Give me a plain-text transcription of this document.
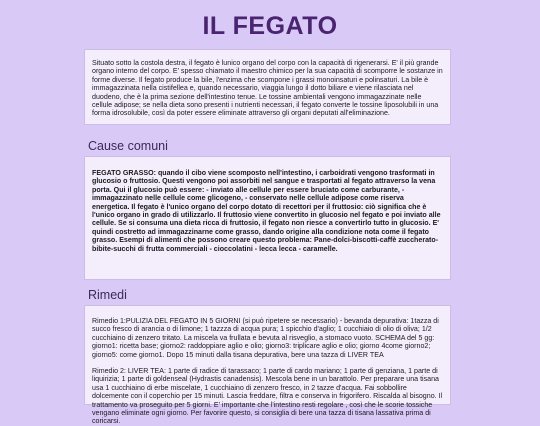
IL FEGATO

Situato sotto la costola destra, il fegato è lunico organo del corpo con la capacità di rigenerarsi. E' il più grande organo interno del corpo. E' spesso chiamato il maestro chimico per la sua capacità di scomporre le sostanze in forme diverse. Il fegato produce la bile, l'enzima che scompone i grassi monoinsaturi e polinsaturi. La bile è immagazzinata nella cistifellea e, quando necessario, viaggia lungo il dotto biliare e viene rilasciata nel duodeno, che è la prima sezione dell'intestino tenue. Le tossine ambientali vengono immagazzinate nelle cellule adipose; se nella dieta sono presenti i nutrienti necessari, il fegato converte le tossine liposolubili in una forma idrosolubile, così da poter essere eliminate attraverso gli organi deputati all'eliminazione.

Cause comuni

FEGATO GRASSO: quando il cibo viene scomposto nell'intestino, i carboidrati vengono trasformati in glucosio o fruttosio. Questi vengono poi assorbiti nel sangue e trasportati al fegato attraverso la vena porta. Qui il glucosio può essere: - inviato alle cellule per essere bruciato come carburante, - immagazzinato nelle cellule come glicogeno, - conservato nelle cellule adipose come riserva energetica. Il fegato è l'unico organo del corpo dotato di recettori per il fruttosio: ciò significa che è l'unico organo in grado di utilizzarlo. Il fruttosio viene convertito in glucosio nel fegato e poi inviato alle cellule. Se si consuma una dieta ricca di fruttosio, il fegato non riesce a convertirlo tutto in glucosio. E' quindi costretto ad immagazzinarne come grasso, dando origine alla condizione nota come il fegato grasso. Esempi di alimenti che possono creare questo problema: Pane-dolci-biscotti-caffè zuccherato-bibite-succhi di frutta commerciali - cioccolatini - lecca lecca - caramelle.

Rimedi

Rimedio 1:PULIZIA DEL FEGATO IN 5 GIORNI (si può ripetere se necessario) - bevanda depurativa: 1tazza di succo fresco di arancia o di limone; 1 tazzza di acqua pura; 1 spicchio d'aglio; 1 cucchiaio di olio di oliva; 1/2 cucchiaino di zenzero tritato. La miscela va frullata e bevuta al risveglio, a stomaco vuoto. SCHEMA del 5 gg: giorno1: ricetta base; giorno2: raddoppiare aglio e olio; giorno3: triplicare aglio e olio; giorno 4come giorno2; giorno5: come giorno1. Dopo 15 minuti dalla tisana depurativa, bere una tazza di LIVER TEA

Rimedio 2: LIVER TEA: 1 parte di radice di tarassaco; 1 parte di cardo mariano; 1 parte di genziana, 1 parte di liquirizia; 1 parte di goldenseal (Hydrastis canadensis). Mescola bene in un barattolo. Per preparare una tisana usa 1 cucchiaino di erbe miscelate, 1 cucchiaino di zenzero fresco, in 2 tazze d'acqua. Fai sobbollire dolcemente con il coperchio per 15 minuti. Lascia freddare, filtra e conserva in frigorifero. Riscalda al bisogno. Il trattamento va proseguito per 5 giorni. E' importante che l'intestino resti regolare , così che le scorie tossiche vengano eliminate ogni giorno. Per favorire questo, si consiglia di bere una tazza di tisana lassativa prima di coricarsi.
